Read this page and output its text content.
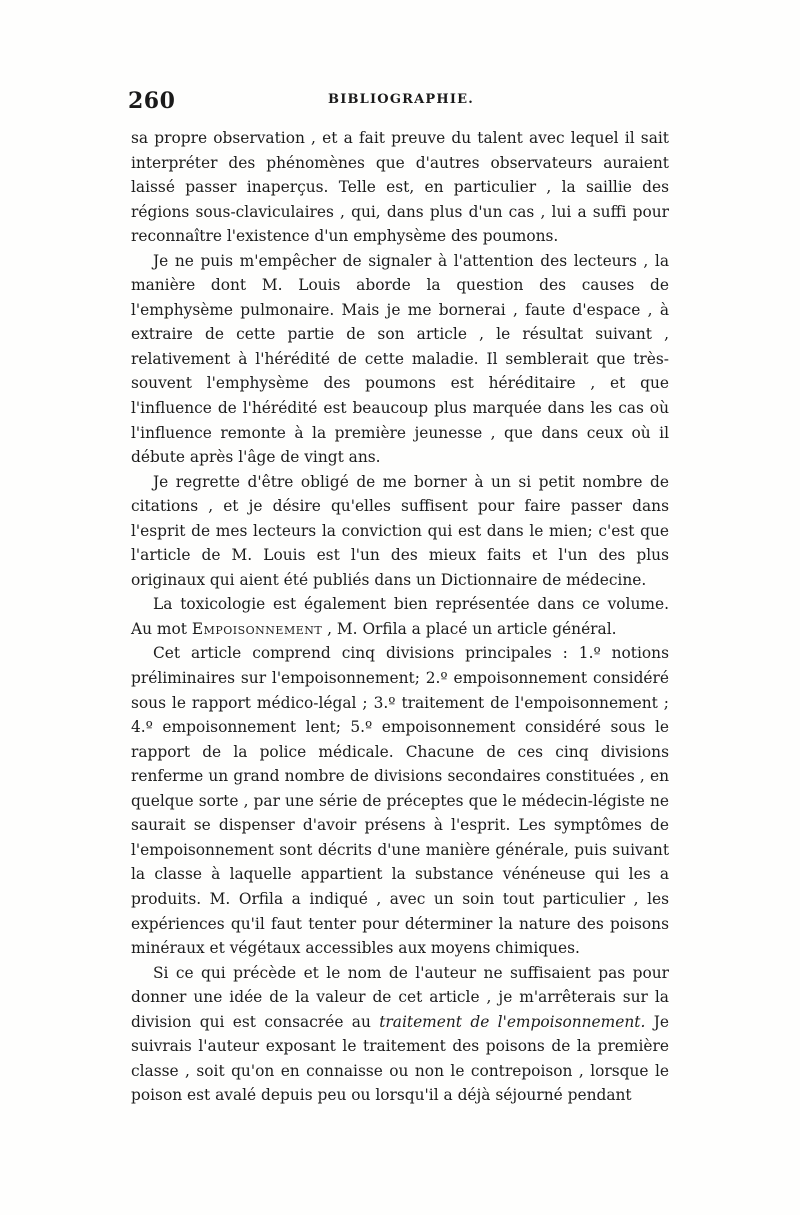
260	BIBLIOGRAPHIE.

sa propre observation , et a fait preuve du talent avec lequel il sait interpréter des phénomènes que d'autres observateurs auraient laissé passer inaperçus. Telle est, en particulier , la saillie des régions sous-claviculaires , qui, dans plus d'un cas , lui a suffi pour reconnaître l'existence d'un emphysème des poumons.

Je ne puis m'empêcher de signaler à l'attention des lecteurs , la manière dont M. Louis aborde la question des causes de l'emphysème pulmonaire. Mais je me bornerai , faute d'espace , à extraire de cette partie de son article , le résultat suivant , relativement à l'hérédité de cette maladie. Il semblerait que très-souvent l'emphysème des poumons est héréditaire , et que l'influence de l'hérédité est beaucoup plus marquée dans les cas où l'influence remonte à la première jeunesse , que dans ceux où il débute après l'âge de vingt ans.

Je regrette d'être obligé de me borner à un si petit nombre de citations , et je désire qu'elles suffisent pour faire passer dans l'esprit de mes lecteurs la conviction qui est dans le mien; c'est que l'article de M. Louis est l'un des mieux faits et l'un des plus originaux qui aient été publiés dans un Dictionnaire de médecine.

La toxicologie est également bien représentée dans ce volume. Au mot Empoisonnement , M. Orfila a placé un article général.

Cet article comprend cinq divisions principales : 1.º notions préliminaires sur l'empoisonnement; 2.º empoisonnement considéré sous le rapport médico-légal ; 3.º traitement de l'empoisonnement ; 4.º empoisonnement lent; 5.º empoisonnement considéré sous le rapport de la police médicale. Chacune de ces cinq divisions renferme un grand nombre de divisions secondaires constituées , en quelque sorte , par une série de préceptes que le médecin-légiste ne saurait se dispenser d'avoir présens à l'esprit. Les symptômes de l'empoisonnement sont décrits d'une manière générale, puis suivant la classe à laquelle appartient la substance vénéneuse qui les a produits. M. Orfila a indiqué , avec un soin tout particulier , les expériences qu'il faut tenter pour déterminer la nature des poisons minéraux et végétaux accessibles aux moyens chimiques.

Si ce qui précède et le nom de l'auteur ne suffisaient pas pour donner une idée de la valeur de cet article , je m'arrêterais sur la division qui est consacrée au traitement de l'empoisonnement. Je suivrais l'auteur exposant le traitement des poisons de la première classe , soit qu'on en connaisse ou non le contrepoison , lorsque le poison est avalé depuis peu ou lorsqu'il a déjà séjourné pendant
